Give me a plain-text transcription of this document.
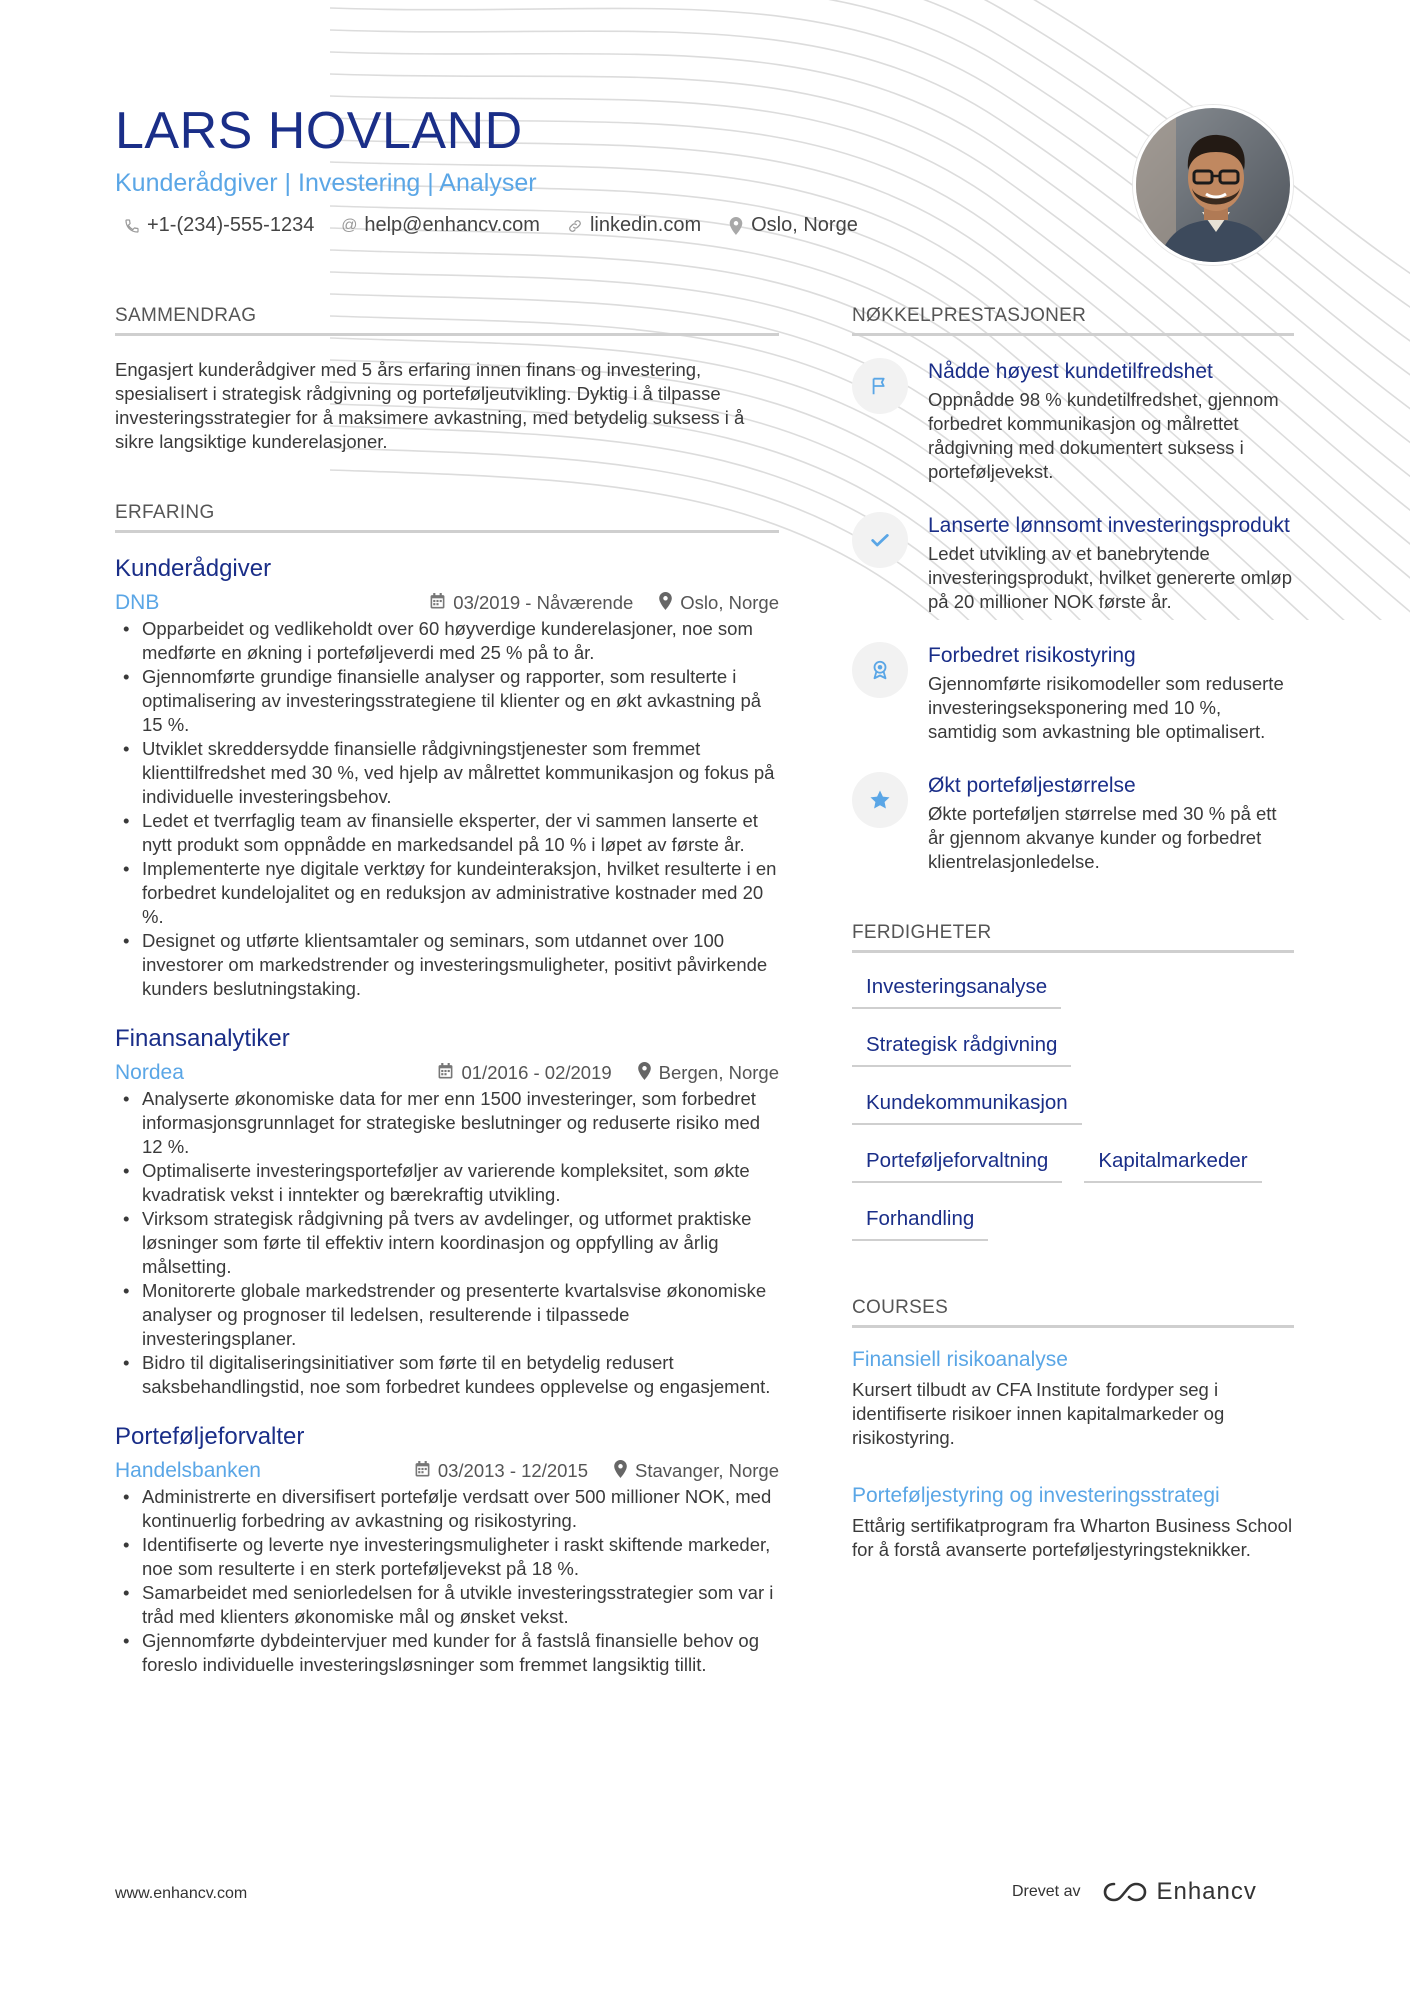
LARS HOVLAND
Kunderådgiver | Investering | Analyser
+1-(234)-555-1234 @ help@enhancv.com	linkedin.com	Oslo, Norge
SAMMENDRAG
Engasjert kunderådgiver med 5 års erfaring innen finans og investering, spesialisert i strategisk rådgivning og porteføljeutvikling. Dyktig i å tilpasse investeringsstrategier for å maksimere avkastning, med betydelig suksess i å sikre langsiktige kunderelasjoner.
ERFARING
Kunderådgiver
DNB	03/2019 - Nåværende	Oslo, Norge
• Opparbeidet og vedlikeholdt over 60 høyverdige kunderelasjoner, noe som medførte en økning i porteføljeverdi med 25 % på to år.
• Gjennomførte grundige finansielle analyser og rapporter, som resulterte i optimalisering av investeringsstrategiene til klienter og en økt avkastning på 15 %.
• Utviklet skreddersydde finansielle rådgivningstjenester som fremmet klienttilfredshet med 30 %, ved hjelp av målrettet kommunikasjon og fokus på individuelle investeringsbehov.
• Ledet et tverrfaglig team av finansielle eksperter, der vi sammen lanserte et nytt produkt som oppnådde en markedsandel på 10 % i løpet av første år.
• Implementerte nye digitale verktøy for kundeinteraksjon, hvilket resulterte i en forbedret kundelojalitet og en reduksjon av administrative kostnader med 20 %.
• Designet og utførte klientsamtaler og seminars, som utdannet over 100 investorer om markedstrender og investeringsmuligheter, positivt påvirkende kunders beslutningstaking.
Finansanalytiker
Nordea	01/2016 - 02/2019	Bergen, Norge
• Analyserte økonomiske data for mer enn 1500 investeringer, som forbedret informasjonsgrunnlaget for strategiske beslutninger og reduserte risiko med 12 %.
• Optimaliserte investeringsporteføljer av varierende kompleksitet, som økte kvadratisk vekst i inntekter og bærekraftig utvikling.
• Virksom strategisk rådgivning på tvers av avdelinger, og utformet praktiske løsninger som førte til effektiv intern koordinasjon og oppfylling av årlig målsetting.
• Monitorerte globale markedstrender og presenterte kvartalsvise økonomiske analyser og prognoser til ledelsen, resulterende i tilpassede investeringsplaner.
• Bidro til digitaliseringsinitiativer som førte til en betydelig redusert saksbehandlingstid, noe som forbedret kundees opplevelse og engasjement.
Porteføljeforvalter
Handelsbanken	03/2013 - 12/2015	Stavanger, Norge
• Administrerte en diversifisert portefølje verdsatt over 500 millioner NOK, med kontinuerlig forbedring av avkastning og risikostyring.
• Identifiserte og leverte nye investeringsmuligheter i raskt skiftende markeder, noe som resulterte i en sterk porteføljevekst på 18 %.
• Samarbeidet med seniorledelsen for å utvikle investeringsstrategier som var i tråd med klienters økonomiske mål og ønsket vekst.
• Gjennomførte dybdeintervjuer med kunder for å fastslå finansielle behov og foreslo individuelle investeringsløsninger som fremmet langsiktig tillit.
NØKKELPRESTASJONER
Nådde høyest kundetilfredshet
Oppnådde 98 % kundetilfredshet, gjennom forbedret kommunikasjon og målrettet rådgivning med dokumentert suksess i porteføljevekst.
Lanserte lønnsomt investeringsprodukt
Ledet utvikling av et banebrytende investeringsprodukt, hvilket genererte omløp på 20 millioner NOK første år.
Forbedret risikostyring
Gjennomførte risikomodeller som reduserte investeringseksponering med 10 %, samtidig som avkastning ble optimalisert.
Økt porteføljestørrelse
Økte porteføljen størrelse med 30 % på ett år gjennom akvanye kunder og forbedret klientrelasjonledelse.
FERDIGHETER
Investeringsanalyse
Strategisk rådgivning
Kundekommunikasjon
Porteføljeforvaltning	Kapitalmarkeder
Forhandling
COURSES
Finansiell risikoanalyse
Kursert tilbudt av CFA Institute fordyper seg i identifiserte risikoer innen kapitalmarkeder og risikostyring.
Porteføljestyring og investeringsstrategi
Ettårig sertifikatprogram fra Wharton Business School for å forstå avanserte porteføljestyringsteknikker.
www.enhancv.com	Drevet av	Enhancv
